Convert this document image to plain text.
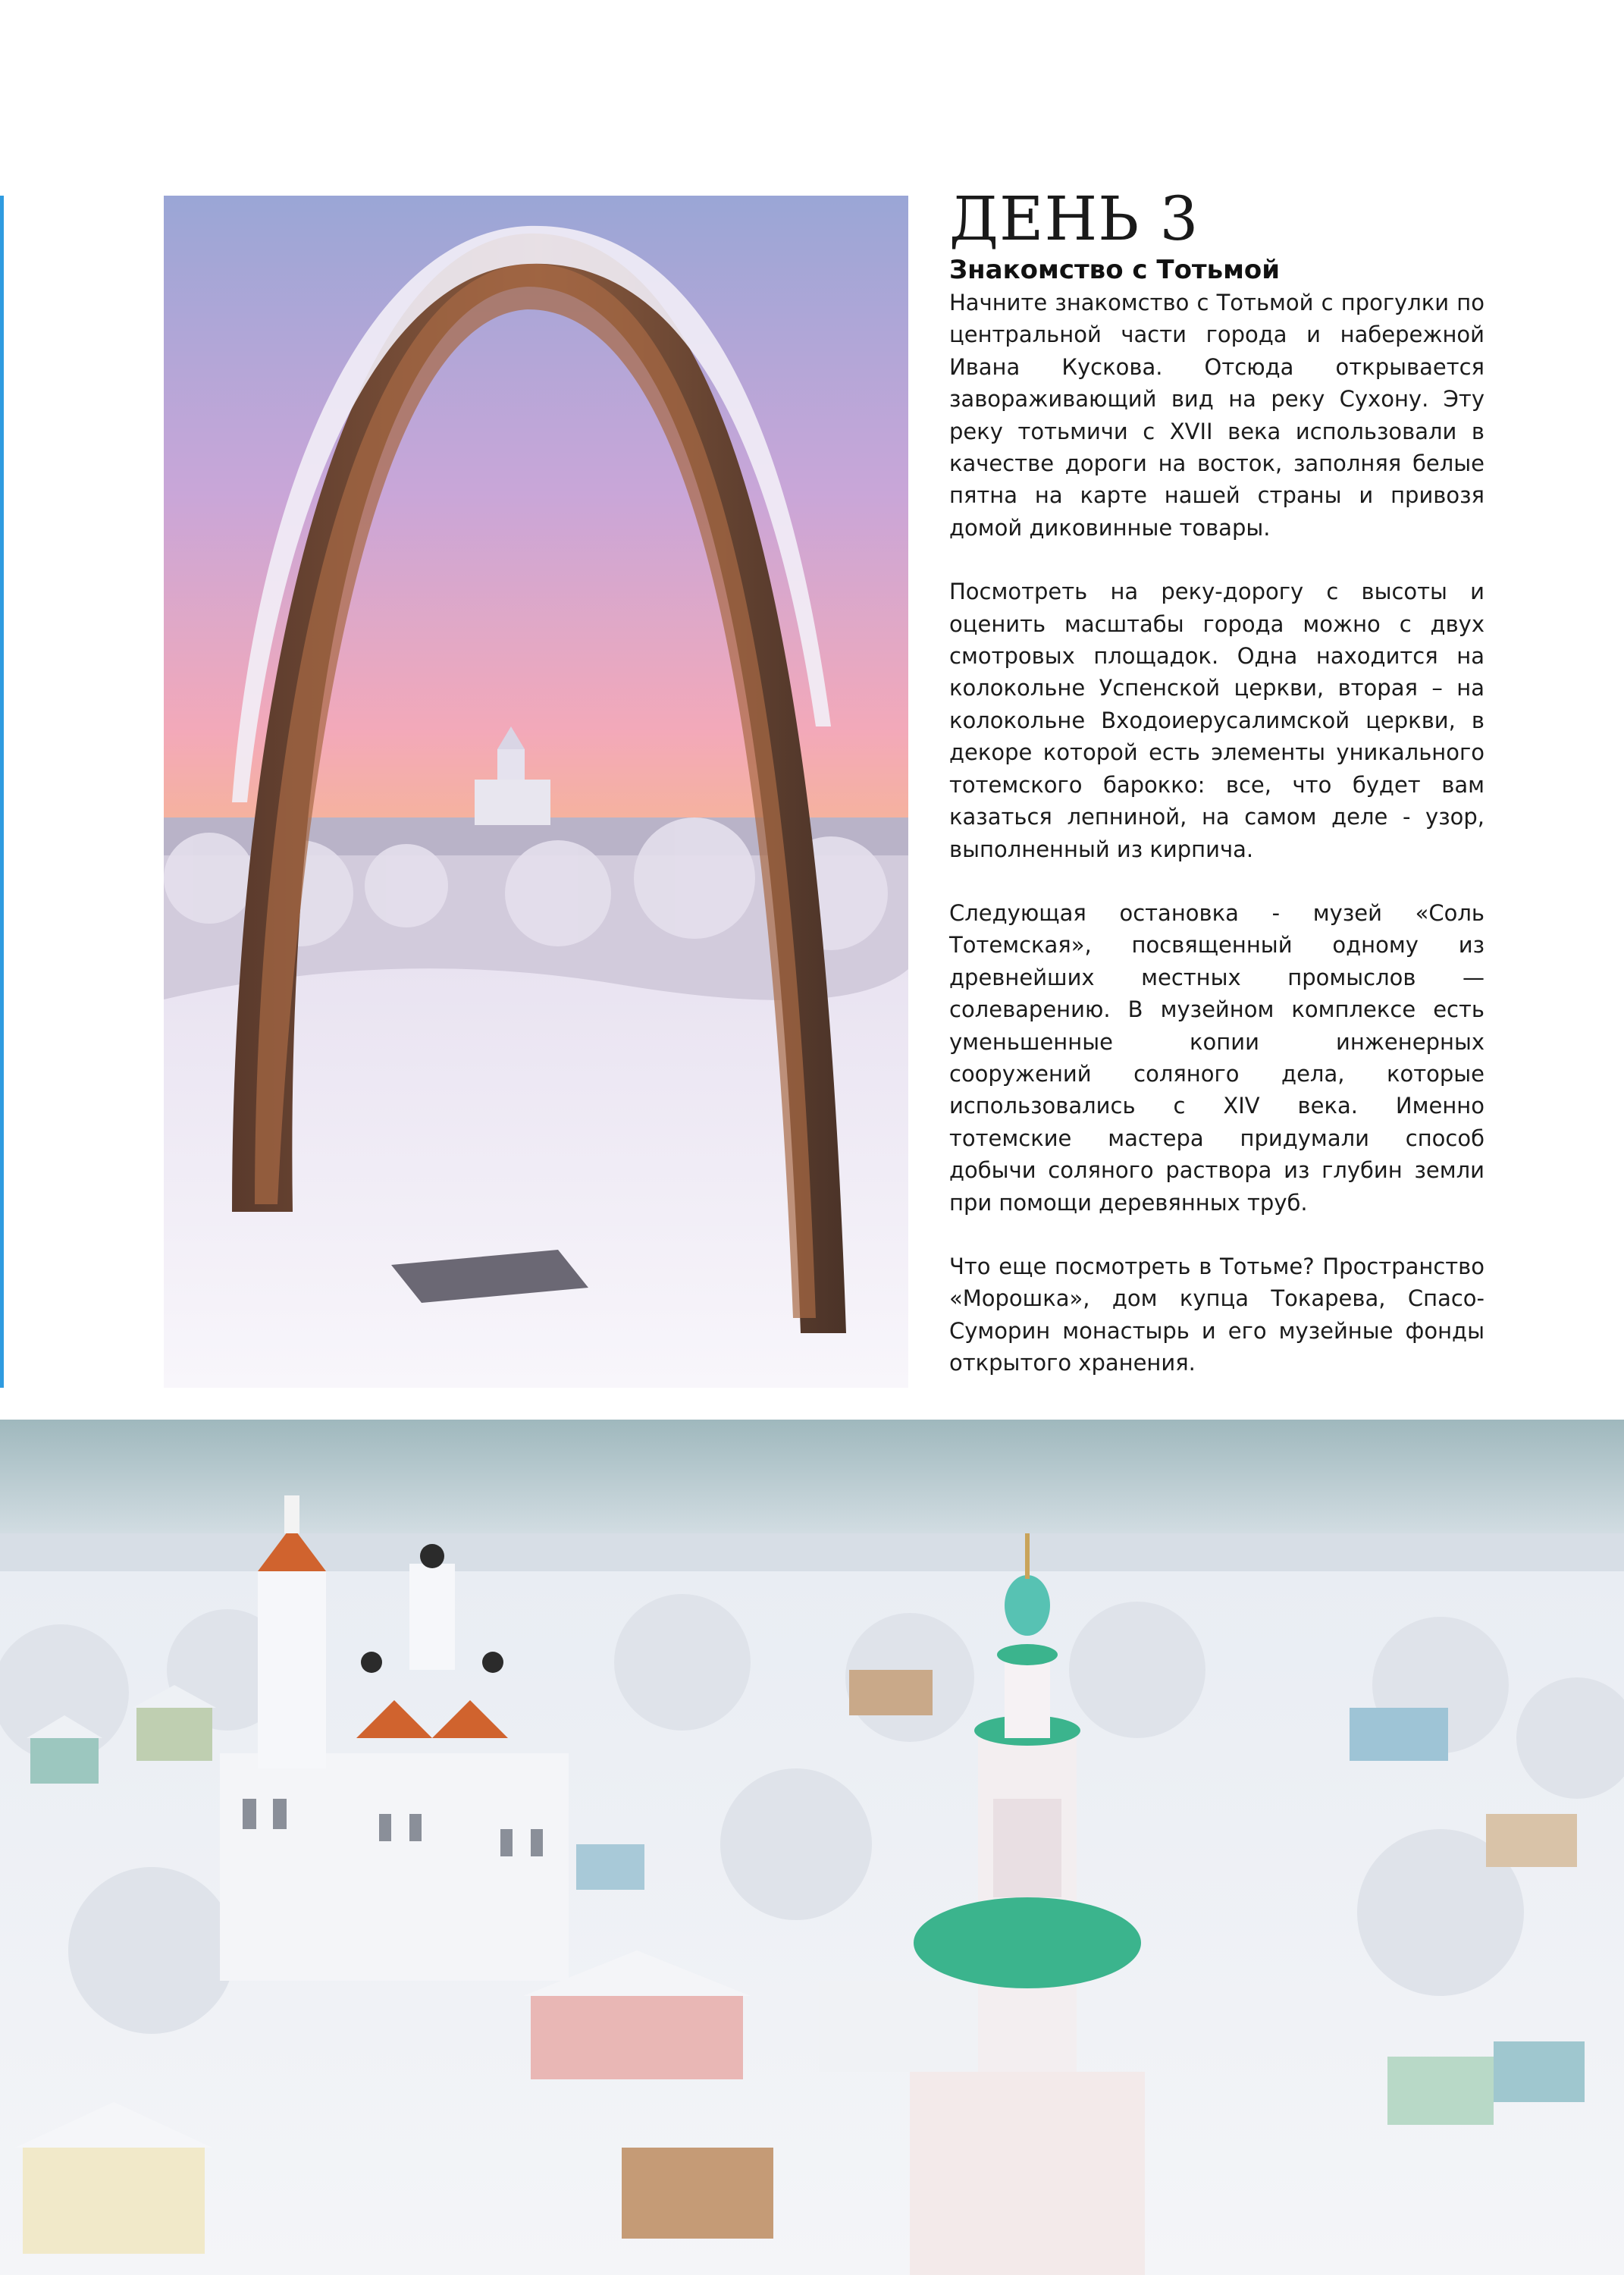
ДЕНЬ 3
Знакомство с Тотьмой

Начните знакомство с Тотьмой с прогулки по центральной части города и набережной Ивана Кускова. Отсюда открывается завораживающий вид на реку Сухону. Эту реку тотьмичи с XVII века использовали в качестве дороги на восток, заполняя белые пятна на карте нашей страны и привозя домой диковинные товары.

Посмотреть на реку-дорогу с высоты и оценить масштабы города можно с двух смотровых площадок. Одна находится на колокольне Успенской церкви, вторая – на колокольне Входоиерусалимской церкви, в декоре которой есть элементы уникального тотемского барокко: все, что будет вам казаться лепниной, на самом деле - узор, выполненный из кирпича.

Следующая остановка - музей «Соль Тотемская», посвященный одному из древнейших местных промыслов — солеварению. В музейном комплексе есть уменьшенные копии инженерных сооружений соляного дела, которые использовались с XIV века. Именно тотемские мастера придумали способ добычи соляного раствора из глубин земли при помощи деревянных труб.

Что еще посмотреть в Тотьме? Пространство «Морошка», дом купца Токарева, Спасо-Суморин монастырь и его музейные фонды открытого хранения.
